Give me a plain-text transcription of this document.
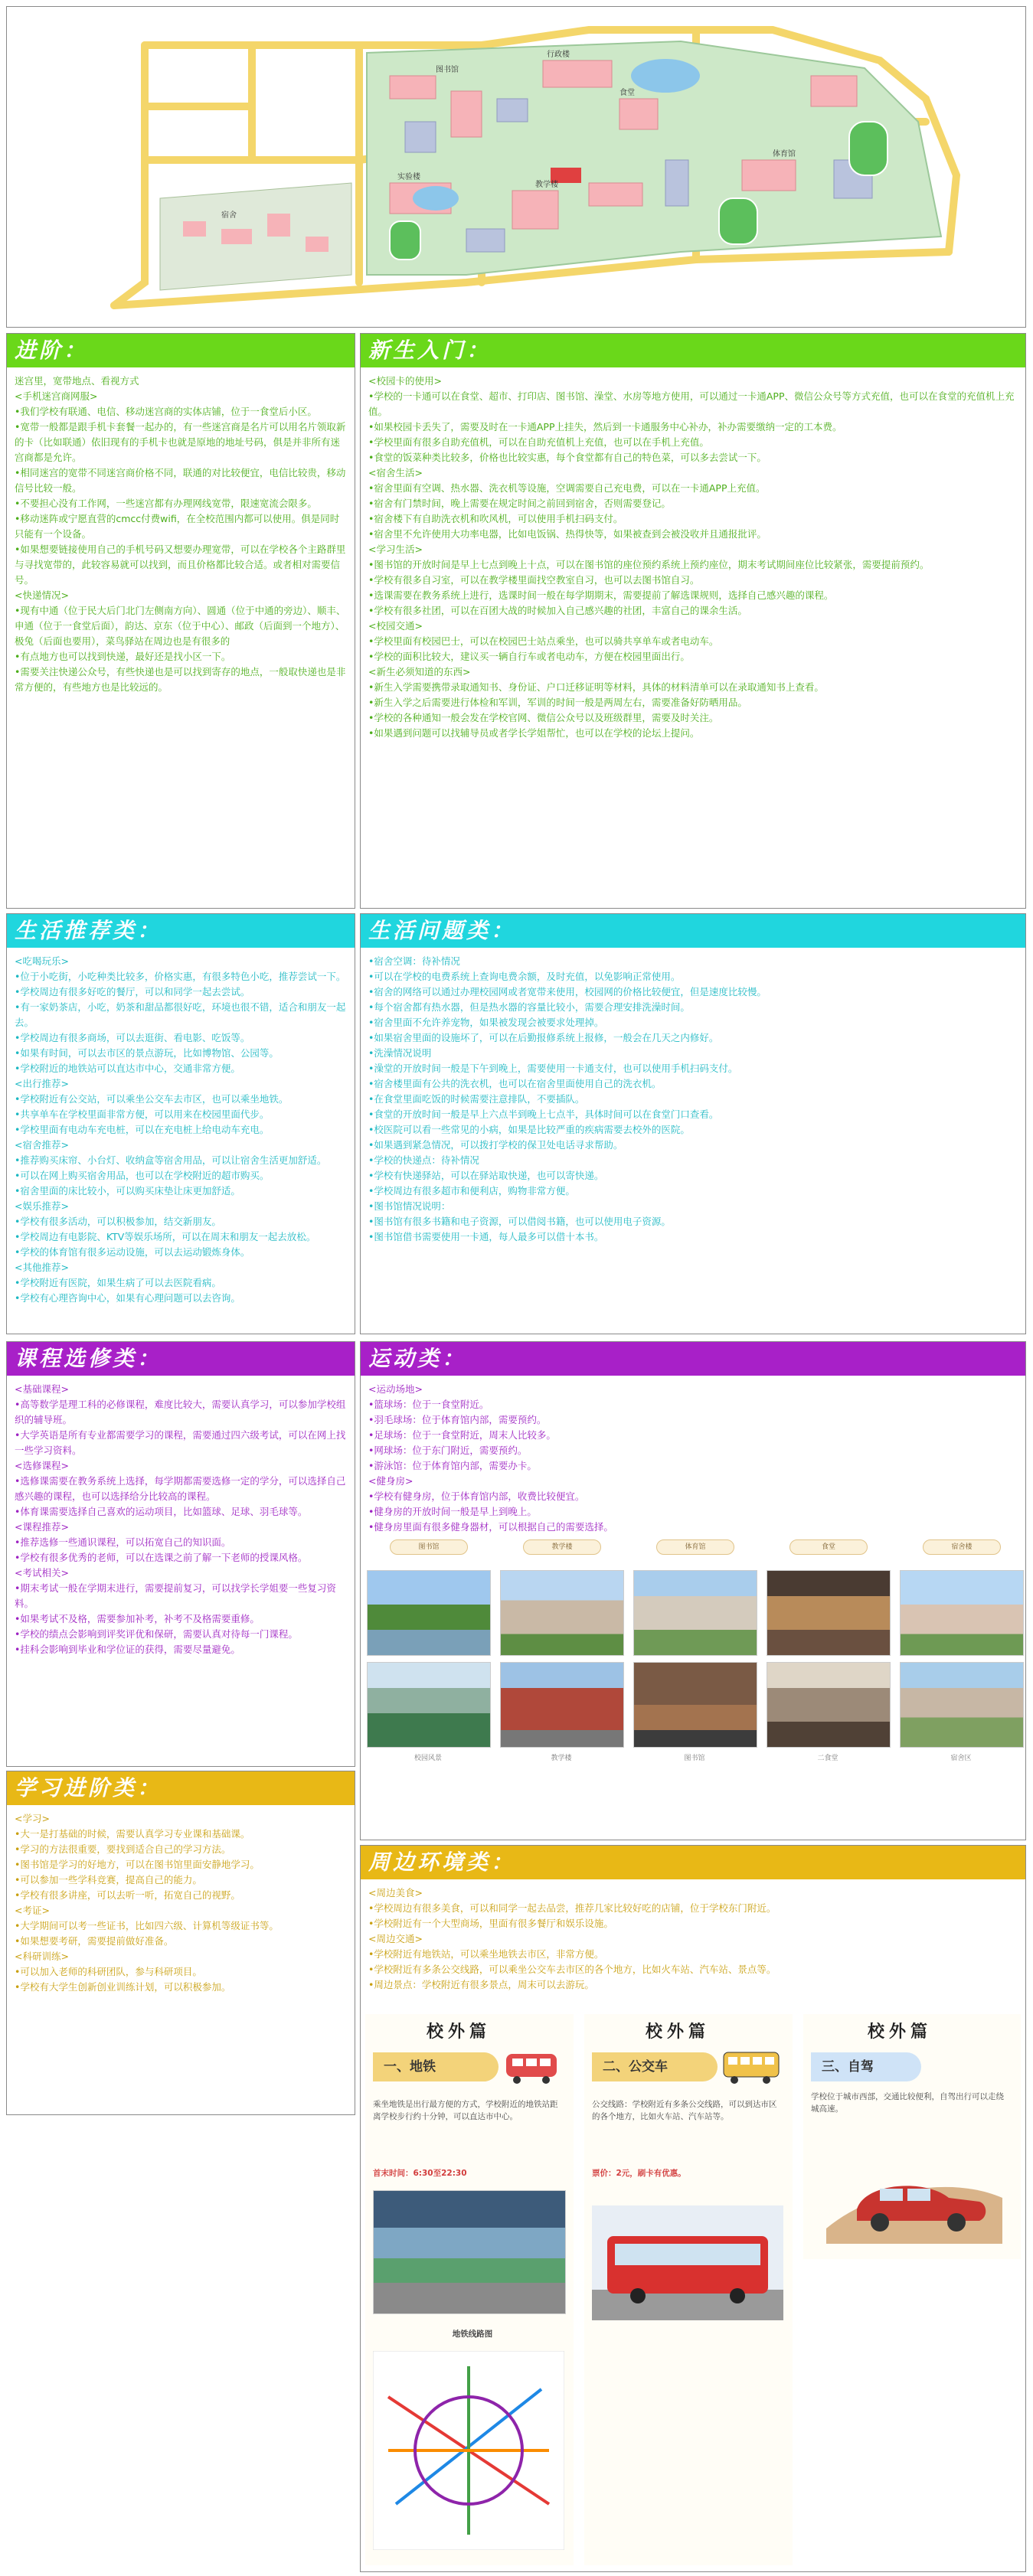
图书馆
体育馆
教学楼
食堂
宿舍
实验楼
行政楼
进阶：

迷宫里，宽带地点、看视方式

<手机迷宫商网服>

•我们学校有联通、电信、移动迷宫商的实体店铺，位于一食堂后小区。

•宽带一般都是跟手机卡套餐一起办的，有一些迷宫商是名片可以用名片领取新的卡（比如联通）依旧现有的手机卡也就是原地的地址号码，俱是并非所有迷宫商都是允许。

•相同迷宫的宽带不同迷宫商价格不同，联通的对比较便宜，电信比较贵，移动信号比较一般。

•不要担心没有工作网，一些迷宫都有办理网线宽带，限速宽流会限多。

•移动迷阵或宁愿直营的cmcc付费wifi，在全校范围内都可以使用。俱是同时只能有一个设备。

•如果想要链接使用自己的手机号码又想要办理宽带，可以在学校各个主路群里与寻找宽带的，此较容易就可以找到，而且价格都比较合适。或者相对需要信号。

<快递情况>

•现有中通（位于民大后门北门左侧南方向）、圆通（位于中通的旁边）、顺丰、申通（位于一食堂后面），韵达、京东（位于中心）、邮政（后面到一个地方）、极兔（后面也要用），菜鸟驿站在周边也是有很多的

•有点地方也可以找到快递，最好还是找小区一下。

•需要关注快递公众号，有些快递也是可以找到寄存的地点，一般取快递也是非常方便的，有些地方也是比较远的。

新生入门：

<校园卡的使用>

•学校的一卡通可以在食堂、超市、打印店、图书馆、澡堂、水房等地方使用，可以通过一卡通APP、微信公众号等方式充值，也可以在食堂的充值机上充值。

•如果校园卡丢失了，需要及时在一卡通APP上挂失，然后到一卡通服务中心补办，补办需要缴纳一定的工本费。

•学校里面有很多自助充值机，可以在自助充值机上充值，也可以在手机上充值。

•食堂的饭菜种类比较多，价格也比较实惠，每个食堂都有自己的特色菜，可以多去尝试一下。

<宿舍生活>

•宿舍里面有空调、热水器、洗衣机等设施，空调需要自己充电费，可以在一卡通APP上充值。

•宿舍有门禁时间，晚上需要在规定时间之前回到宿舍，否则需要登记。

•宿舍楼下有自助洗衣机和吹风机，可以使用手机扫码支付。

•宿舍里不允许使用大功率电器，比如电饭锅、热得快等，如果被查到会被没收并且通报批评。

<学习生活>

•图书馆的开放时间是早上七点到晚上十点，可以在图书馆的座位预约系统上预约座位，期末考试期间座位比较紧张，需要提前预约。

•学校有很多自习室，可以在教学楼里面找空教室自习，也可以去图书馆自习。

•选课需要在教务系统上进行，选课时间一般在每学期期末，需要提前了解选课规则，选择自己感兴趣的课程。

•学校有很多社团，可以在百团大战的时候加入自己感兴趣的社团，丰富自己的课余生活。

<校园交通>

•学校里面有校园巴士，可以在校园巴士站点乘坐，也可以骑共享单车或者电动车。

•学校的面积比较大，建议买一辆自行车或者电动车，方便在校园里面出行。

<新生必须知道的东西>

•新生入学需要携带录取通知书、身份证、户口迁移证明等材料，具体的材料清单可以在录取通知书上查看。

•新生入学之后需要进行体检和军训，军训的时间一般是两周左右，需要准备好防晒用品。

•学校的各种通知一般会发在学校官网、微信公众号以及班级群里，需要及时关注。

•如果遇到问题可以找辅导员或者学长学姐帮忙，也可以在学校的论坛上提问。

生活推荐类：

<吃喝玩乐>

•位于小吃街，小吃种类比较多，价格实惠，有很多特色小吃，推荐尝试一下。

•学校周边有很多好吃的餐厅，可以和同学一起去尝试。

•有一家奶茶店，小吃，奶茶和甜品都很好吃，环境也很不错，适合和朋友一起去。

•学校周边有很多商场，可以去逛街、看电影、吃饭等。

•如果有时间，可以去市区的景点游玩，比如博物馆、公园等。

•学校附近的地铁站可以直达市中心，交通非常方便。

<出行推荐>

•学校附近有公交站，可以乘坐公交车去市区，也可以乘坐地铁。

•共享单车在学校里面非常方便，可以用来在校园里面代步。

•学校里面有电动车充电桩，可以在充电桩上给电动车充电。

<宿舍推荐>

•推荐购买床帘、小台灯、收纳盒等宿舍用品，可以让宿舍生活更加舒适。

•可以在网上购买宿舍用品，也可以在学校附近的超市购买。

•宿舍里面的床比较小，可以购买床垫让床更加舒适。

<娱乐推荐>

•学校有很多活动，可以积极参加，结交新朋友。

•学校周边有电影院、KTV等娱乐场所，可以在周末和朋友一起去放松。

•学校的体育馆有很多运动设施，可以去运动锻炼身体。

<其他推荐>

•学校附近有医院，如果生病了可以去医院看病。

•学校有心理咨询中心，如果有心理问题可以去咨询。

生活问题类：

•宿舍空调：待补情况

•可以在学校的电费系统上查询电费余额，及时充值，以免影响正常使用。

•宿舍的网络可以通过办理校园网或者宽带来使用，校园网的价格比较便宜，但是速度比较慢。

•每个宿舍都有热水器，但是热水器的容量比较小，需要合理安排洗澡时间。

•宿舍里面不允许养宠物，如果被发现会被要求处理掉。

•如果宿舍里面的设施坏了，可以在后勤报修系统上报修，一般会在几天之内修好。

•洗澡情况说明

•澡堂的开放时间一般是下午到晚上，需要使用一卡通支付，也可以使用手机扫码支付。

•宿舍楼里面有公共的洗衣机，也可以在宿舍里面使用自己的洗衣机。

•在食堂里面吃饭的时候需要注意排队，不要插队。

•食堂的开放时间一般是早上六点半到晚上七点半，具体时间可以在食堂门口查看。

•校医院可以看一些常见的小病，如果是比较严重的疾病需要去校外的医院。

•如果遇到紧急情况，可以拨打学校的保卫处电话寻求帮助。

•学校的快递点：待补情况

•学校有快递驿站，可以在驿站取快递，也可以寄快递。

•学校周边有很多超市和便利店，购物非常方便。

•图书馆情况说明：

•图书馆有很多书籍和电子资源，可以借阅书籍，也可以使用电子资源。

•图书馆借书需要使用一卡通，每人最多可以借十本书。

课程选修类：

<基础课程>

•高等数学是理工科的必修课程，难度比较大，需要认真学习，可以参加学校组织的辅导班。

•大学英语是所有专业都需要学习的课程，需要通过四六级考试，可以在网上找一些学习资料。

<选修课程>

•选修课需要在教务系统上选择，每学期都需要选修一定的学分，可以选择自己感兴趣的课程，也可以选择给分比较高的课程。

•体育课需要选择自己喜欢的运动项目，比如篮球、足球、羽毛球等。

<课程推荐>

•推荐选修一些通识课程，可以拓宽自己的知识面。

•学校有很多优秀的老师，可以在选课之前了解一下老师的授课风格。

<考试相关>

•期末考试一般在学期末进行，需要提前复习，可以找学长学姐要一些复习资料。

•如果考试不及格，需要参加补考，补考不及格需要重修。

•学校的绩点会影响到评奖评优和保研，需要认真对待每一门课程。

•挂科会影响到毕业和学位证的获得，需要尽量避免。

运动类：

<运动场地>

•篮球场：位于一食堂附近。

•羽毛球场：位于体育馆内部，需要预约。

•足球场：位于一食堂附近，周末人比较多。

•网球场：位于东门附近，需要预约。

•游泳馆：位于体育馆内部，需要办卡。

<健身房>

•学校有健身房，位于体育馆内部，收费比较便宜。

•健身房的开放时间一般是早上到晚上。

•健身房里面有很多健身器材，可以根据自己的需要选择。

图书馆	教学楼	体育馆	食堂	宿舍楼
校园风景	教学楼	图书馆	二食堂	宿舍区
学习进阶类：

<学习>

•大一是打基础的时候，需要认真学习专业课和基础课。

•学习的方法很重要，要找到适合自己的学习方法。

•图书馆是学习的好地方，可以在图书馆里面安静地学习。

•可以参加一些学科竞赛，提高自己的能力。

•学校有很多讲座，可以去听一听，拓宽自己的视野。

<考证>

•大学期间可以考一些证书，比如四六级、计算机等级证书等。

•如果想要考研，需要提前做好准备。

<科研训练>

•可以加入老师的科研团队，参与科研项目。

•学校有大学生创新创业训练计划，可以积极参加。

周边环境类：

<周边美食>

•学校周边有很多美食，可以和同学一起去品尝，推荐几家比较好吃的店铺，位于学校东门附近。

•学校附近有一个大型商场，里面有很多餐厅和娱乐设施。

<周边交通>

•学校附近有地铁站，可以乘坐地铁去市区，非常方便。

•学校附近有多条公交线路，可以乘坐公交车去市区的各个地方，比如火车站、汽车站、景点等。

•周边景点：学校附近有很多景点，周末可以去游玩。

校外篇
一、地铁
乘坐地铁是出行最方便的方式，学校附近的地铁站距离学校步行约十分钟，可以直达市中心。
首末时间：6:30至22:30
地铁线路图
校外篇
二、公交车
公交线路：学校附近有多条公交线路，可以到达市区的各个地方，比如火车站、汽车站等。
票价：2元，刷卡有优惠。
校外篇
三、自驾
学校位于城市西部，交通比较便利，自驾出行可以走绕城高速。
